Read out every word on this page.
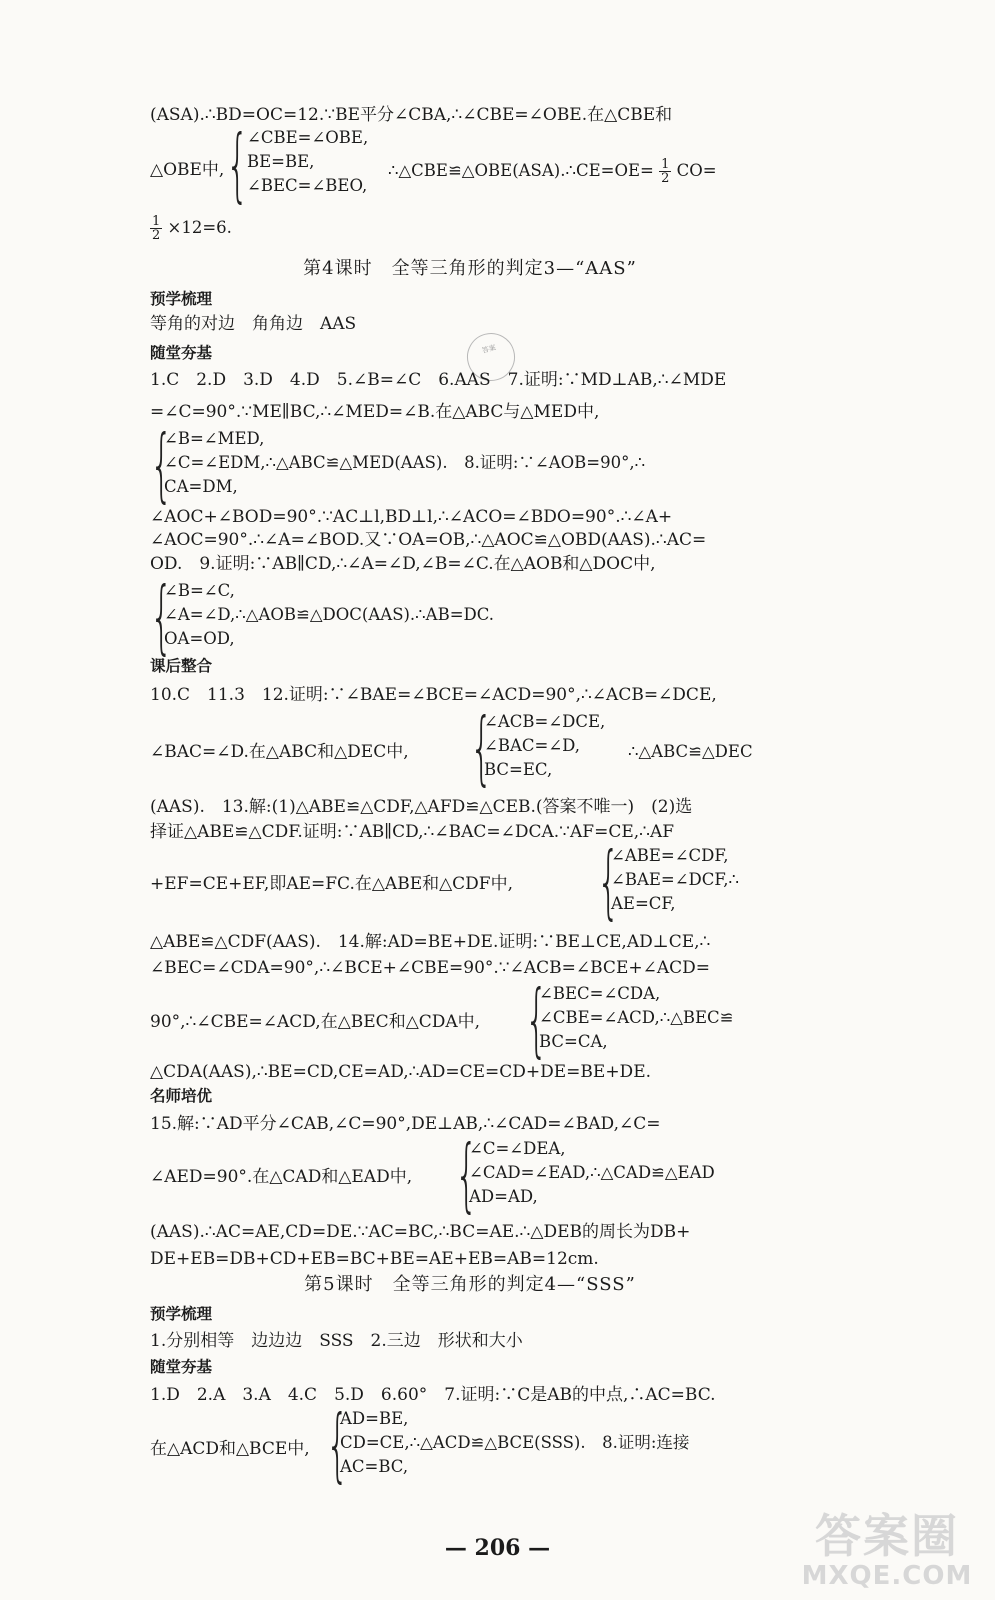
(ASA).∴BD=OC=12.∵BE平分∠CBA,∴∠CBE=∠OBE.在△CBE和
△OBE中, {
∠CBE=∠OBE,
BE=BE,
∠BEC=∠BEO,
∴△CBE≌△OBE(ASA).∴CE=OE= $\frac{1}{2} CO=$
$\frac{1}{2} \times 12=6$.
第4课时　全等三角形的判定3—“AAS”
预学梳理
等角的对边　角角边　AAS
答案
随堂夯基
1.C　2.D　3.D　4.D　5.∠B=∠C　6.AAS　7.证明:∵MD⊥AB,∴∠MDE
=∠C=90°.∵ME∥BC,∴∠MED=∠B.在△ABC与△MED中,
{
∠B=∠MED,
∠C=∠EDM,∴△ABC≌△MED(AAS).　8.证明:∵∠AOB=90°,∴
CA=DM,
∠AOC+∠BOD=90°.∵AC⊥l,BD⊥l,∴∠ACO=∠BDO=90°.∴∠A+
∠AOC=90°.∴∠A=∠BOD.又∵OA=OB,∴△AOC≌△OBD(AAS).∴AC=
OD.　9.证明:∵AB∥CD,∴∠A=∠D,∠B=∠C.在△AOB和△DOC中,
{
∠B=∠C,
∠A=∠D,∴△AOB≌△DOC(AAS).∴AB=DC.
OA=OD,
课后整合
10.C　11.3　12.证明:∵∠BAE=∠BCE=∠ACD=90°,∴∠ACB=∠DCE,
∠BAC=∠D.在△ABC和△DEC中, {
∠ACB=∠DCE,
∠BAC=∠D,
BC=EC,
∴△ABC≌△DEC
(AAS).　13.解:(1)△ABE≌△CDF,△AFD≌△CEB.(答案不唯一)　(2)选
择证△ABE≌△CDF.证明:∵AB∥CD,∴∠BAC=∠DCA.∵AF=CE,∴AF
+EF=CE+EF,即AE=FC.在△ABE和△CDF中,	{
∠ABE=∠CDF,
∠BAE=∠DCF,∴
AE=CF,
△ABE≌△CDF(AAS).　14.解:AD=BE+DE.证明:∵BE⊥CE,AD⊥CE,∴
∠BEC=∠CDA=90°,∴∠BCE+∠CBE=90°.∵∠ACB=∠BCE+∠ACD=
90°,∴∠CBE=∠ACD,在△BEC和△CDA中, {
∠BEC=∠CDA,
∠CBE=∠ACD,∴△BEC≌
BC=CA,
△CDA(AAS),∴BE=CD,CE=AD,∴AD=CE=CD+DE=BE+DE.
名师培优
15.解:∵AD平分∠CAB,∠C=90°,DE⊥AB,∴∠CAD=∠BAD,∠C=
∠AED=90°.在△CAD和△EAD中, {
∠C=∠DEA,
∠CAD=∠EAD,∴△CAD≌△EAD
AD=AD,
(AAS).∴AC=AE,CD=DE.∵AC=BC,∴BC=AE.∴△DEB的周长为DB+
DE+EB=DB+CD+EB=BC+BE=AE+EB=AB=12cm.
第5课时　全等三角形的判定4—“SSS”
预学梳理
1.分别相等　边边边　SSS　2.三边　形状和大小
随堂夯基
1.D　2.A　3.A　4.C　5.D　6.60°　7.证明:∵C是AB的中点,∴AC=BC.
在△ACD和△BCE中, {
AD=BE,
CD=CE,∴△ACD≌△BCE(SSS).　8.证明:连接
AC=BC,
— 206 —	答案圈
MXQE.COM
